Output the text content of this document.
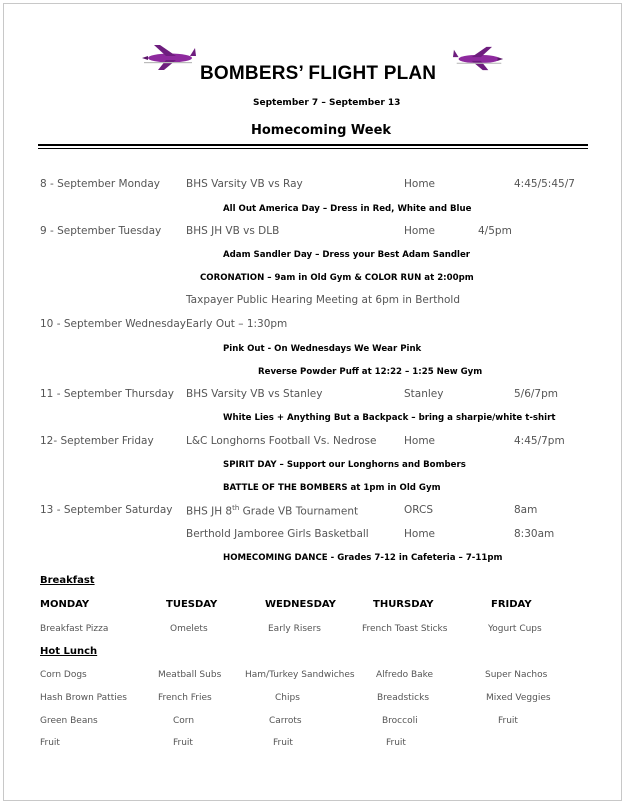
BOMBERS’ FLIGHT PLAN
September 7 – September 13
Homecoming Week
8 - September Monday BHS Varsity VB vs Ray	Home	4:45/5:45/7
All Out America Day – Dress in Red, White and Blue
9 - September Tuesday BHS JH VB vs DLB	Home	4/5pm
Adam Sandler Day – Dress your Best Adam Sandler
CORONATION – 9am in Old Gym & COLOR RUN at 2:00pm
Taxpayer Public Hearing Meeting at 6pm in Berthold
10 - September Wednesday Early Out – 1:30pm
Pink Out - On Wednesdays We Wear Pink
Reverse Powder Puff at 12:22 – 1:25 New Gym
11 - September Thursday BHS Varsity VB vs Stanley	Stanley	5/6/7pm
White Lies + Anything But a Backpack – bring a sharpie/white t-shirt
12- September Friday	L&C Longhorns Football Vs. Nedrose	Home	4:45/7pm
SPIRIT DAY – Support our Longhorns and Bombers
BATTLE OF THE BOMBERS at 1pm in Old Gym
13 - September Saturday BHS JH 8th Grade VB Tournament	ORCS	8am
Berthold Jamboree Girls Basketball	Home	8:30am
HOMECOMING DANCE - Grades 7-12 in Cafeteria – 7-11pm
Breakfast
MONDAY	TUESDAY	WEDNESDAY	THURSDAY	FRIDAY
Breakfast Pizza	Omelets	Early Risers	French Toast Sticks	Yogurt Cups
Hot Lunch
Corn Dogs	Meatball Subs	Ham/Turkey Sandwiches Alfredo Bake	Super Nachos
Hash Brown Patties	French Fries	Chips	Breadsticks	Mixed Veggies
Green Beans	Corn	Carrots	Broccoli	Fruit
Fruit	Fruit	Fruit	Fruit
